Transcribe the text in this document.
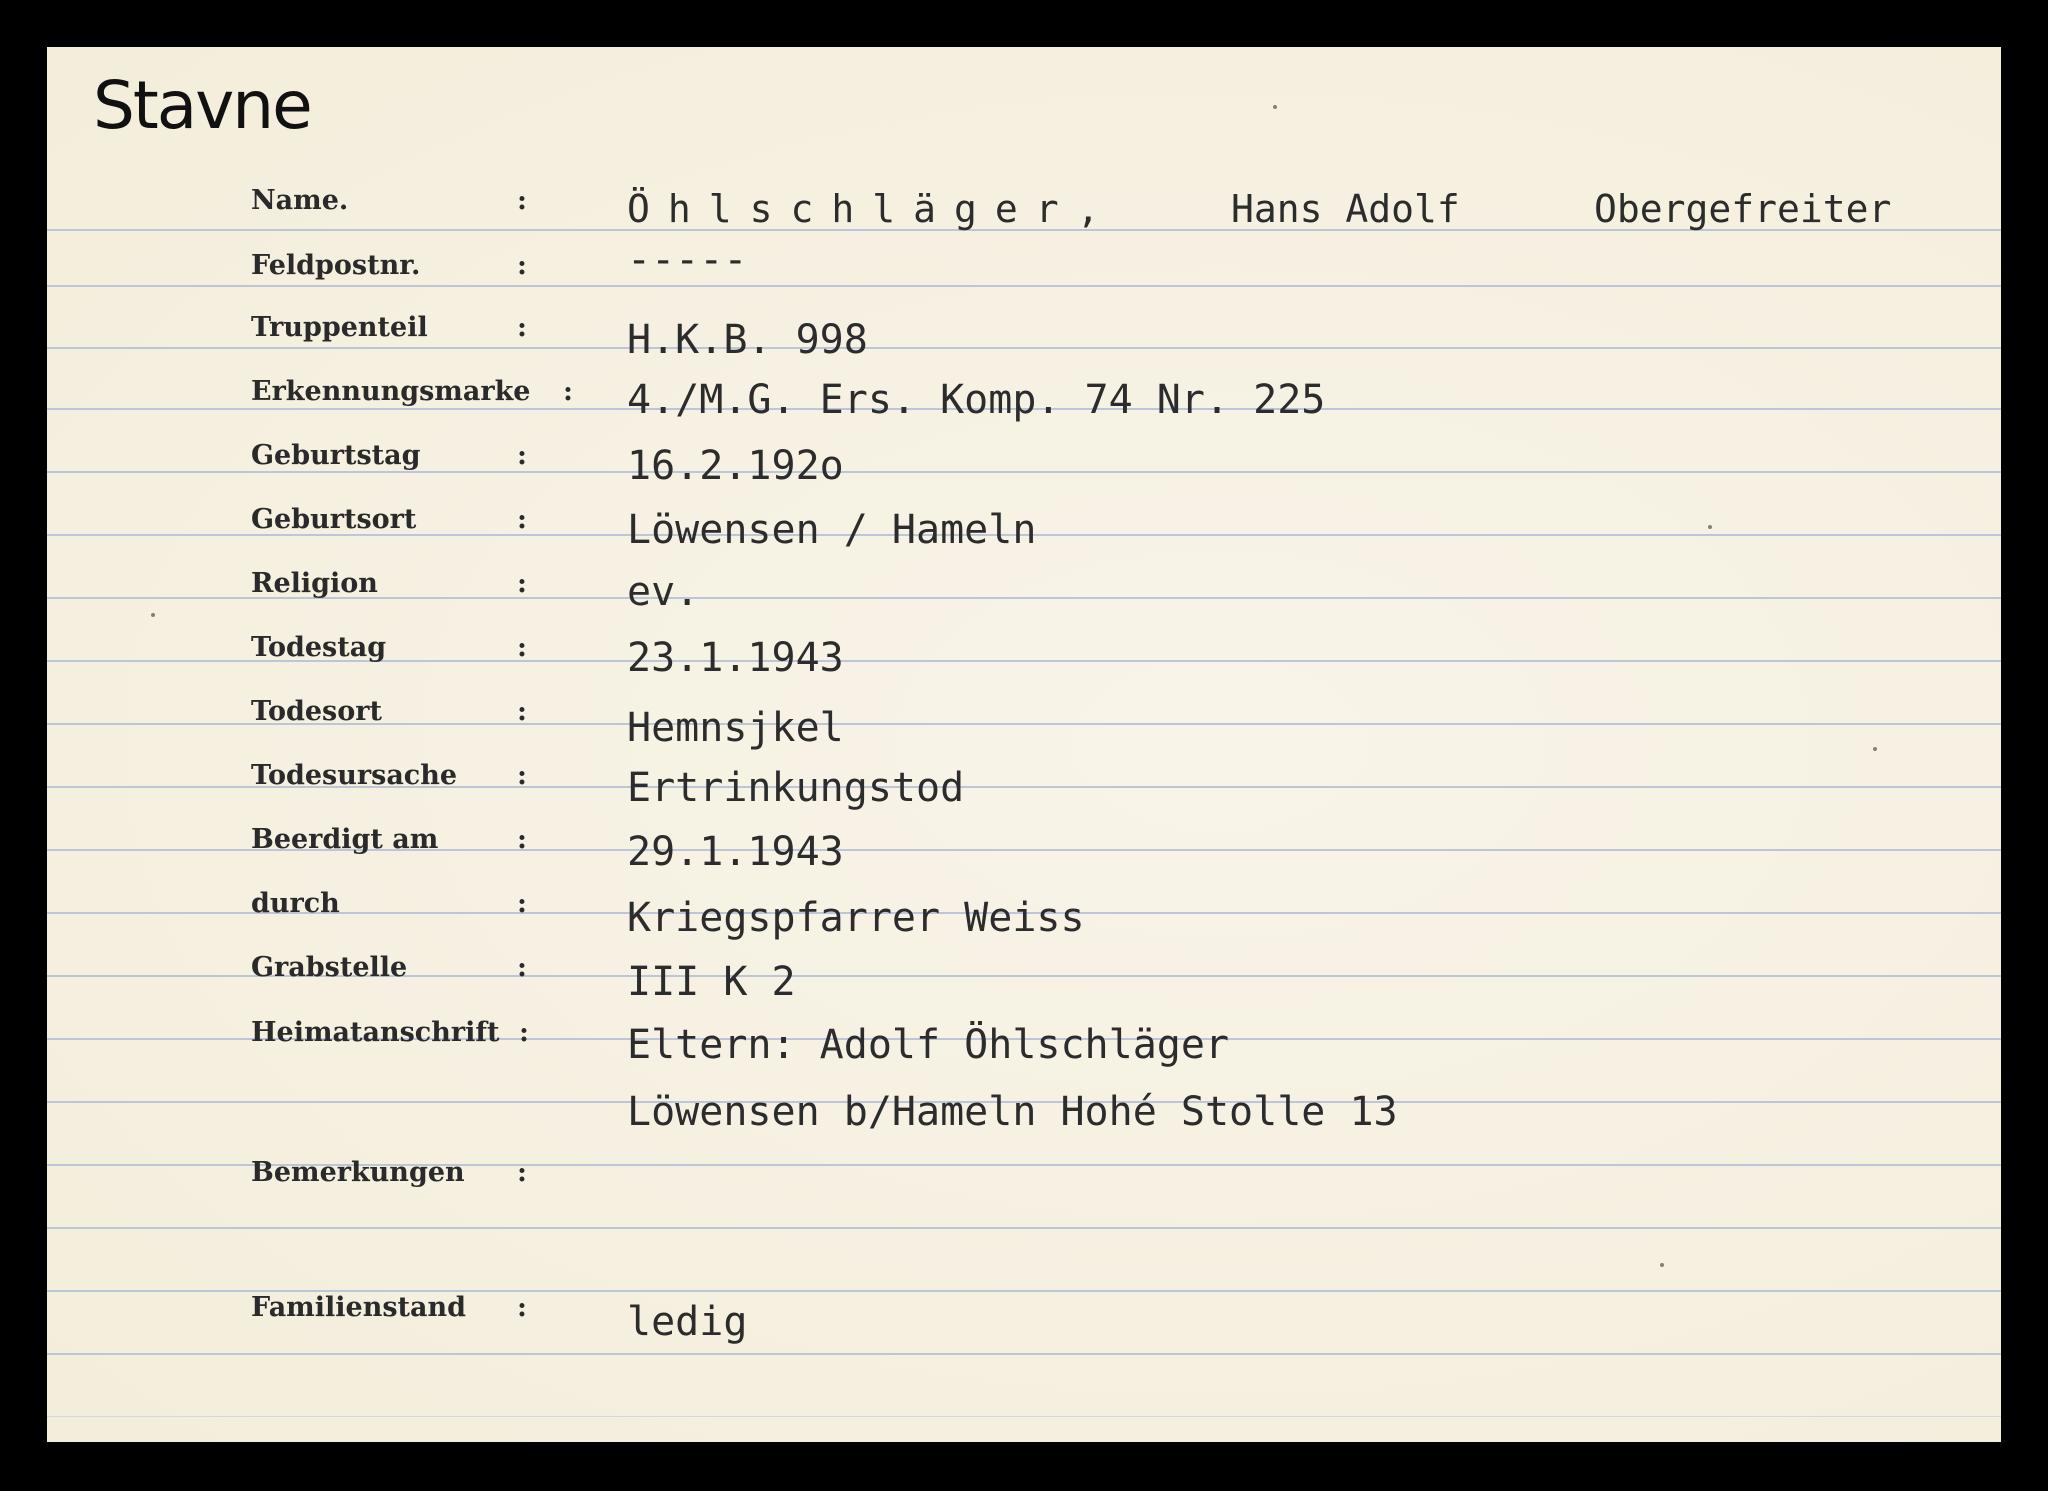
Stavne
Name.	:	Öhlschläger,	Hans Adolf	Obergefreiter
Feldpostnr.	:	-----
Truppenteil	:	H.K.B. 998
Erkennungsmarke : 4./M.G. Ers. Komp. 74 Nr. 225
Geburtstag	:	16.2.192o
Geburtsort	:	Löwensen / Hameln
Religion	:	ev.
Todestag	:	23.1.1943
Todesort	:	Hemnsjkel
Todesursache :	Ertrinkungstod
Beerdigt am	:	29.1.1943
durch	:	Kriegspfarrer Weiss
Grabstelle	:	III K 2
Heimatanschrift : Eltern: Adolf Öhlschläger
Löwensen b/Hameln Hohé Stolle 13
Bemerkungen :
Familienstand :	ledig
